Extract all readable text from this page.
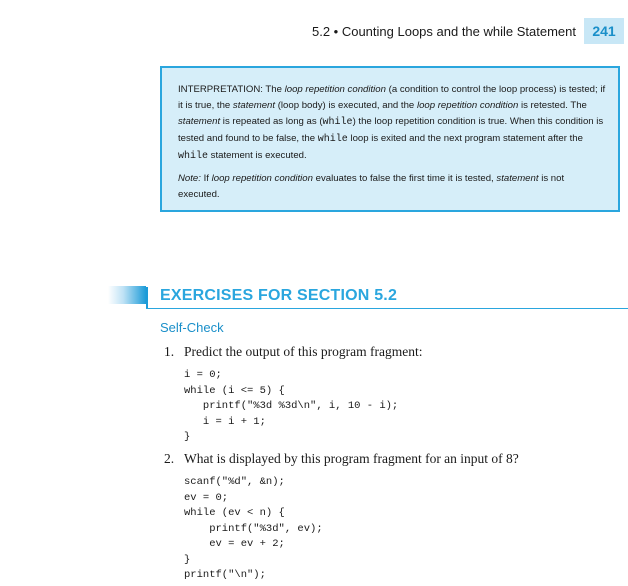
5.2 • Counting Loops and the while Statement	241

INTERPRETATION: The loop repetition condition (a condition to control the loop process) is tested; if it is true, the statement (loop body) is executed, and the loop repetition condition is retested. The statement is repeated as long as (while) the loop repetition condition is true. When this condition is tested and found to be false, the while loop is exited and the next program statement after the while statement is executed.

Note: If loop repetition condition evaluates to false the first time it is tested, statement is not executed.

EXERCISES FOR SECTION 5.2
Self-Check
1. Predict the output of this program fragment:
i = 0;
while (i <= 5) {
printf("%3d %3d\n", i, 10 - i);
i = i + 1;
}
2. What is displayed by this program fragment for an input of 8?
scanf("%d", &n);
ev = 0;
while (ev < n) {
printf("%3d", ev);
ev = ev + 2;
}
printf("\n");
